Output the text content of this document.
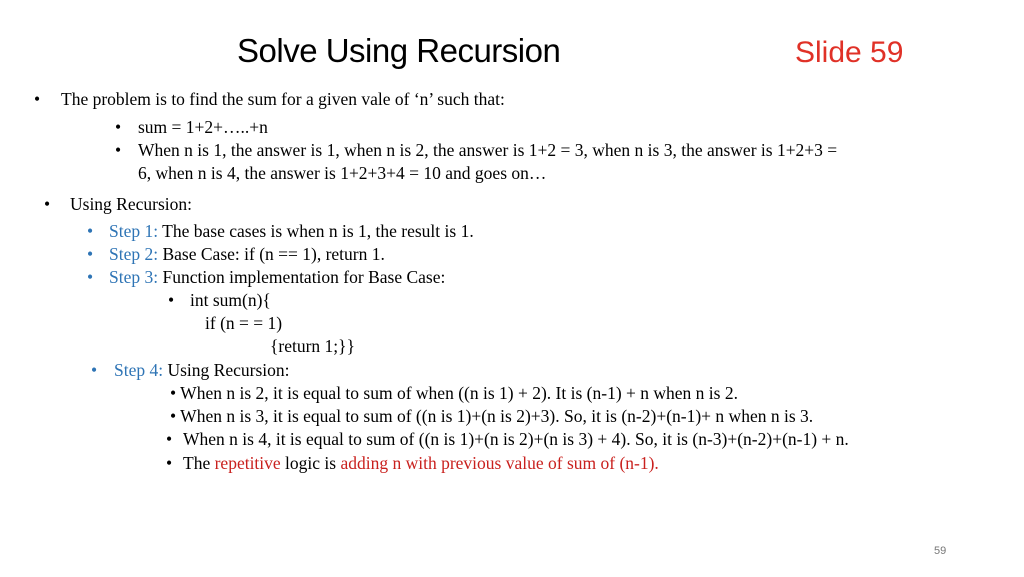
Solve Using Recursion	Slide 59
• The problem is to find the sum for a given vale of ‘n’ such that:
• sum = 1+2+…..+n
• When n is 1, the answer is 1, when n is 2, the answer is 1+2 = 3, when n is 3, the answer is 1+2+3 =
6, when n is 4, the answer is 1+2+3+4 = 10 and goes on…
• Using Recursion:
• Step 1: The base cases is when n is 1, the result is 1.
• Step 2: Base Case: if (n == 1), return 1.
• Step 3: Function implementation for Base Case:
• int sum(n){
if (n = = 1)
{return 1;}}
• Step 4: Using Recursion:
• When n is 2, it is equal to sum of when ((n is 1) + 2). It is (n-1) + n when n is 2.
• When n is 3, it is equal to sum of ((n is 1)+(n is 2)+3). So, it is (n-2)+(n-1)+ n when n is 3.
• When n is 4, it is equal to sum of ((n is 1)+(n is 2)+(n is 3) + 4). So, it is (n-3)+(n-2)+(n-1) + n.
• The repetitive logic is adding n with previous value of sum of (n-1).
59
